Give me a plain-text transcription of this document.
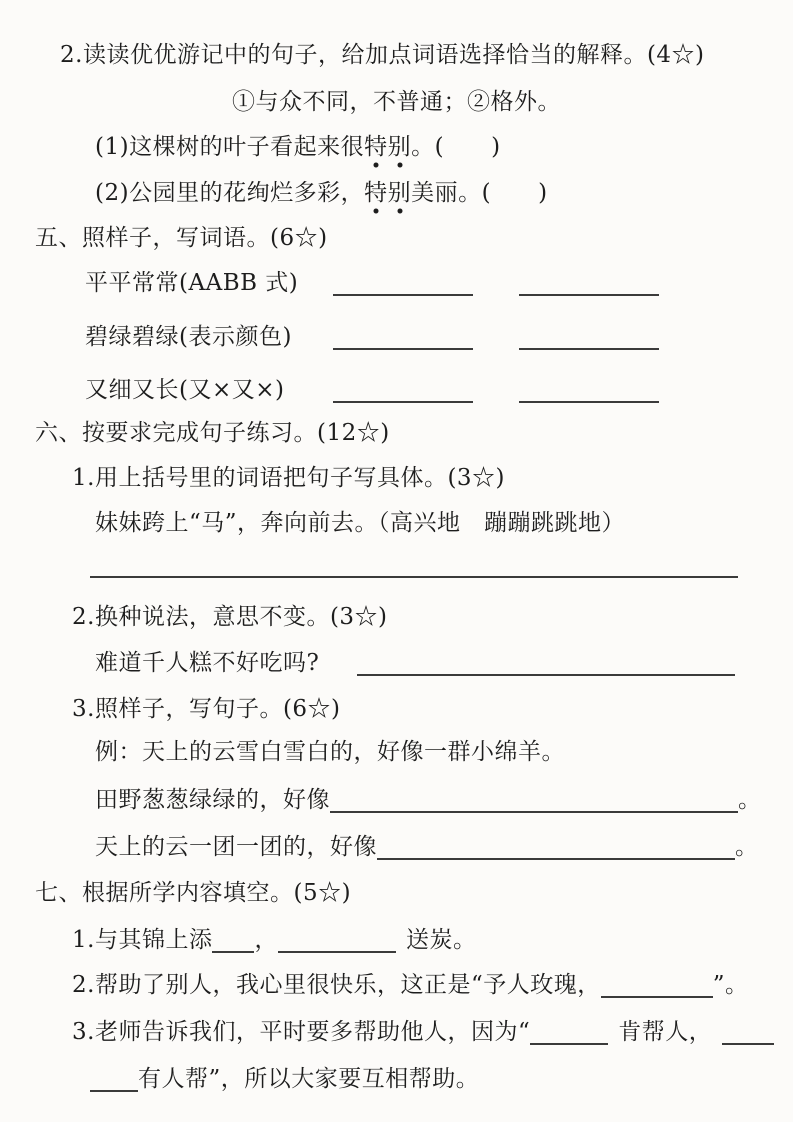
2.读读优优游记中的句子，给加点词语选择恰当的解释。(4☆)
①与众不同，不普通；②格外。
(1)这棵树的叶子看起来很特别。(　　)
(2)公园里的花绚烂多彩，特别美丽。(　　)
五、照样子，写词语。(6☆)
平平常常(AABB 式)
碧绿碧绿(表示颜色)
又细又长(又×又×)
六、按要求完成句子练习。(12☆)
1.用上括号里的词语把句子写具体。(3☆)
妹妹跨上“马”，奔向前去。（高兴地　蹦蹦跳跳地）
2.换种说法，意思不变。(3☆)
难道千人糕不好吃吗?
3.照样子，写句子。(6☆)
例：天上的云雪白雪白的，好像一群小绵羊。
田野葱葱绿绿的，好像	。
天上的云一团一团的，好像	。
七、根据所学内容填空。(5☆)
1.与其锦上添 ，	送炭。
2.帮助了别人，我心里很快乐，这正是“予人玫瑰，	”。
3.老师告诉我们，平时要多帮助他人，因为“	肯帮人，
有人帮”，所以大家要互相帮助。
